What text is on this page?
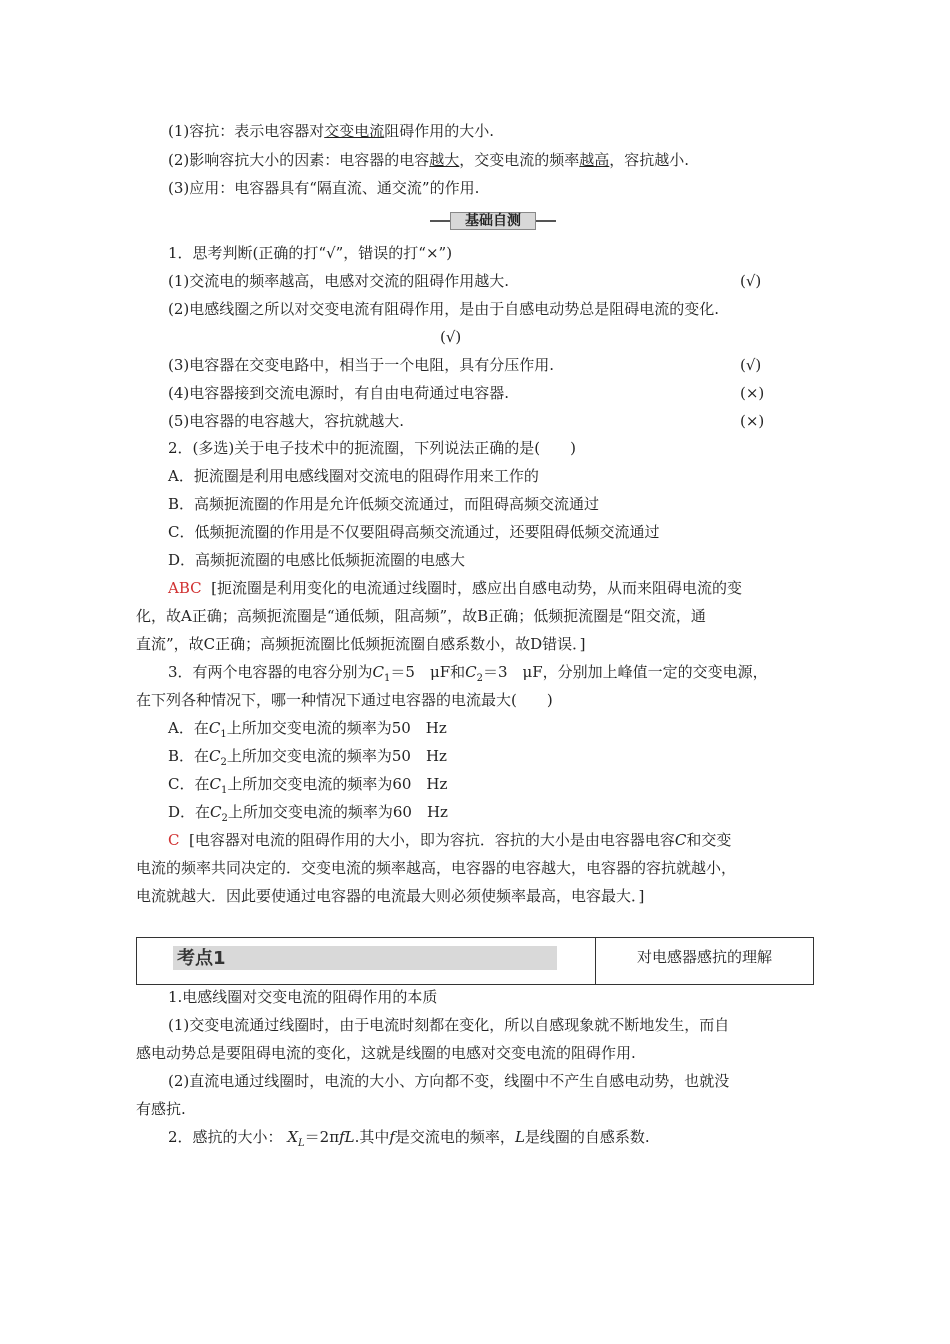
(1)容抗：表示电容器对交变电流阻碍作用的大小.
(2)影响容抗大小的因素：电容器的电容越大，交变电流的频率越高，容抗越小.
(3)应用：电容器具有“隔直流、通交流”的作用.
基础自测
1．思考判断(正确的打“√”，错误的打“×”)
(1)交流电的频率越高，电感对交流的阻碍作用越大.	(√)
(2)电感线圈之所以对交变电流有阻碍作用，是由于自感电动势总是阻碍电流的变化.
(√)
(3)电容器在交变电路中，相当于一个电阻，具有分压作用.	(√)
(4)电容器接到交流电源时，有自由电荷通过电容器.	(×)
(5)电容器的电容越大，容抗就越大.	(×)
2．(多选)关于电子技术中的扼流圈，下列说法正确的是(　　)
A．扼流圈是利用电感线圈对交流电的阻碍作用来工作的
B．高频扼流圈的作用是允许低频交流通过，而阻碍高频交流通过
C．低频扼流圈的作用是不仅要阻碍高频交流通过，还要阻碍低频交流通过
D．高频扼流圈的电感比低频扼流圈的电感大
ABC [扼流圈是利用变化的电流通过线圈时，感应出自感电动势，从而来阻碍电流的变
化，故A正确；高频扼流圈是“通低频，阻高频”，故B正确；低频扼流圈是“阻交流，通
直流”，故C正确；高频扼流圈比低频扼流圈自感系数小，故D错误．]
3．有两个电容器的电容分别为$C_1=5$　μF和$C_2=3$　μF，分别加上峰值一定的交变电源，
在下列各种情况下，哪一种情况下通过电容器的电流最大(　　)
A．在$C_1$上所加交变电流的频率为50　Hz
B．在$C_2$上所加交变电流的频率为50　Hz
C．在$C_1$上所加交变电流的频率为60　Hz
D．在$C_2$上所加交变电流的频率为60　Hz
C [电容器对电流的阻碍作用的大小，即为容抗．容抗的大小是由电容器电容C和交变
电流的频率共同决定的．交变电流的频率越高，电容器的电容越大，电容器的容抗就越小，
电流就越大．因此要使通过电容器的电流最大则必须使频率最高，电容最大．]
考点1	对电感器感抗的理解
1.电感线圈对交变电流的阻碍作用的本质
(1)交变电流通过线圈时，由于电流时刻都在变化，所以自感现象就不断地发生，而自
感电动势总是要阻碍电流的变化，这就是线圈的电感对交变电流的阻碍作用.
(2)直流电通过线圈时，电流的大小、方向都不变，线圈中不产生自感电动势，也就没
有感抗.
2．感抗的大小： $X_L=2\pi fL$.其中f是交流电的频率，L是线圈的自感系数.
